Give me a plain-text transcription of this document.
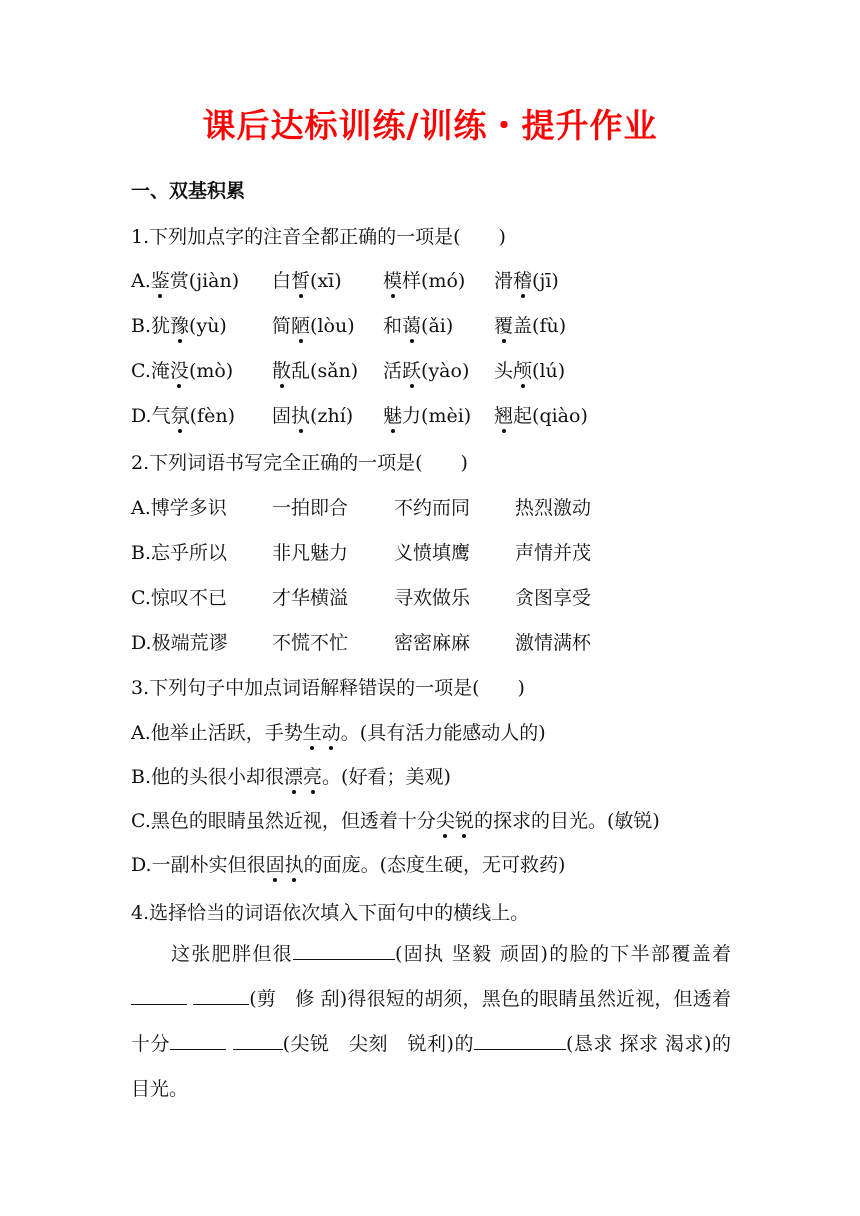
课后达标训练/训练・提升作业
一、双基积累
1.下列加点字的注音全都正确的一项是(　　)
A.鉴赏(jiàn) 白皙(xī) 模样(mó) 滑稽(jī)
B.犹豫(yù) 简陋(lòu) 和蔼(ǎi) 覆盖(fù)
C.淹没(mò) 散乱(sǎn) 活跃(yào) 头颅(lú)
D.气氛(fèn) 固执(zhí) 魅力(mèi) 翘起(qiào)
2.下列词语书写完全正确的一项是(　　)
A.博学多识 一拍即合 不约而同 热烈激动
B.忘乎所以 非凡魅力 义愤填鹰 声情并茂
C.惊叹不已 才华横溢 寻欢做乐 贪图享受
D.极端荒谬 不慌不忙 密密麻麻 激情满杯
3.下列句子中加点词语解释错误的一项是(　　)
A.他举止活跃，手势生动。(具有活力能感动人的)
B.他的头很小却很漂亮。(好看；美观)
C.黑色的眼睛虽然近视，但透着十分尖锐的探求的目光。(敏锐)
D.一副朴实但很固执的面庞。(态度生硬，无可救药)
4.选择恰当的词语依次填入下面句中的横线上。
这张肥胖但很	(固执 坚毅 顽固)的脸的下半部覆盖着 (剪　修 刮)得很短的胡须，黑色的眼睛虽然近视，但透着十分	(尖锐　尖刻　锐利)的	(恳求 探求 渴求)的目光。
